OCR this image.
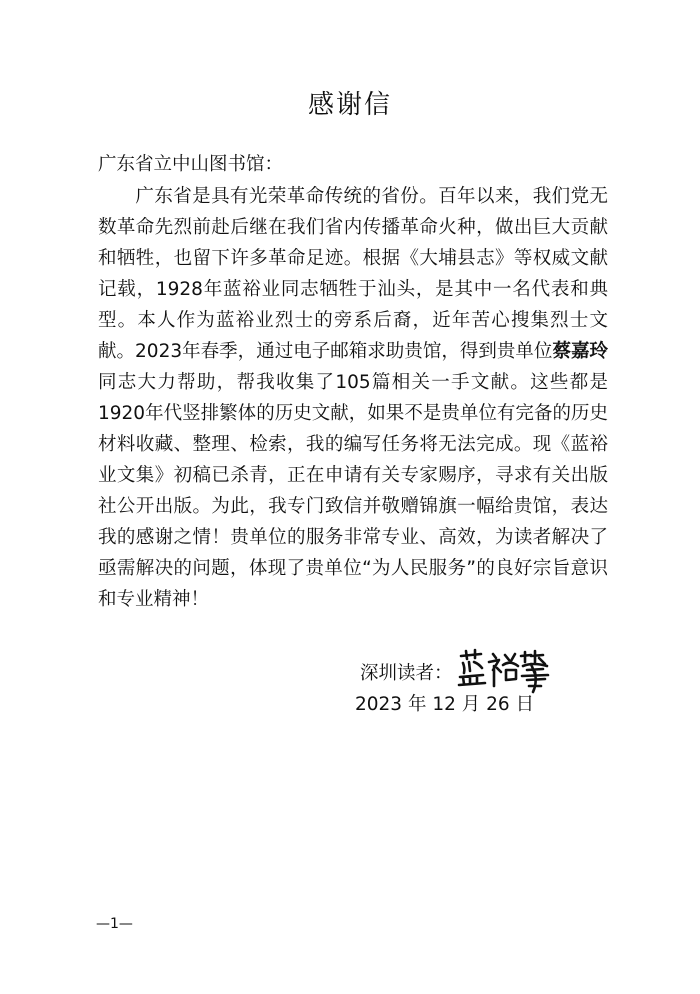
感谢信
广东省立中山图书馆：
广东省是具有光荣革命传统的省份。百年以来，我们党无数革命先烈前赴后继在我们省内传播革命火种，做出巨大贡献和牺牲，也留下许多革命足迹。根据《大埔县志》等权威文献记载，1928年蓝裕业同志牺牲于汕头，是其中一名代表和典型。本人作为蓝裕业烈士的旁系后裔，近年苦心搜集烈士文献。2023年春季，通过电子邮箱求助贵馆，得到贵单位蔡嘉玲同志大力帮助，帮我收集了105篇相关一手文献。这些都是1920年代竖排繁体的历史文献，如果不是贵单位有完备的历史材料收藏、整理、检索，我的编写任务将无法完成。现《蓝裕业文集》初稿已杀青，正在申请有关专家赐序，寻求有关出版社公开出版。为此，我专门致信并敬赠锦旗一幅给贵馆，表达我的感谢之情！贵单位的服务非常专业、高效，为读者解决了亟需解决的问题，体现了贵单位“为人民服务”的良好宗旨意识和专业精神！
深圳读者：
2023 年 12 月 26 日
—1—
